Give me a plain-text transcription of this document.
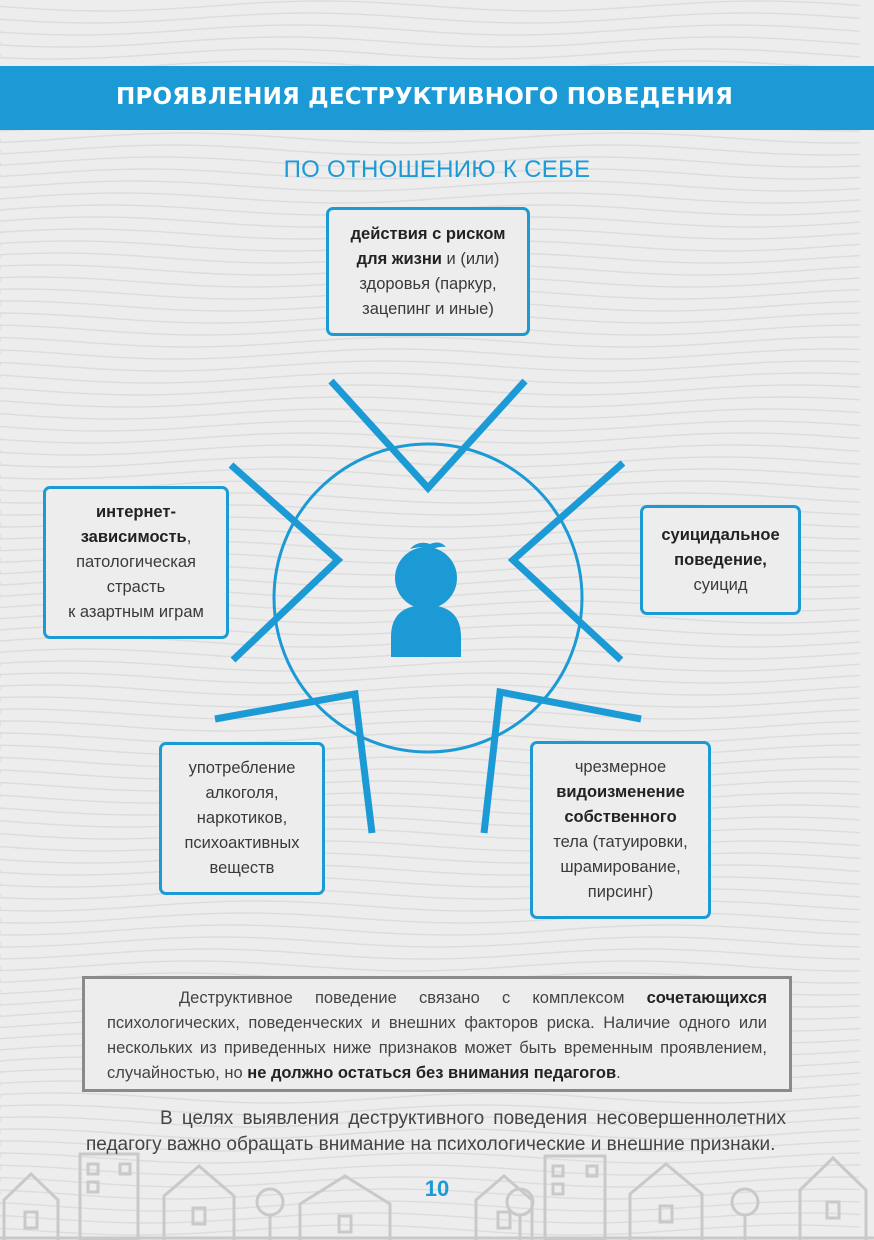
ПРОЯВЛЕНИЯ ДЕСТРУКТИВНОГО ПОВЕДЕНИЯ
ПО ОТНОШЕНИЮ К СЕБЕ
действия с риском
для жизни и (или)
здоровья (паркур,
зацепинг и иные)
интернет-
зависимость,
патологическая
страсть
к азартным играм
суицидальное
поведение,
суицид
употребление
алкоголя,
наркотиков,
психоактивных
веществ
чрезмерное
видоизменение
собственного
тела (татуировки,
шрамирование,
пирсинг)
Деструктивное поведение связано с комплексом сочетающихся психологических, поведенческих и внешних факторов риска. Наличие одного или нескольких из приведенных ниже признаков может быть временным проявлением, случайностью, но не должно остаться без внимания педагогов.
В целях выявления деструктивного поведения несовершеннолетних педагогу важно обращать внимание на психологические и внешние признаки.
10
